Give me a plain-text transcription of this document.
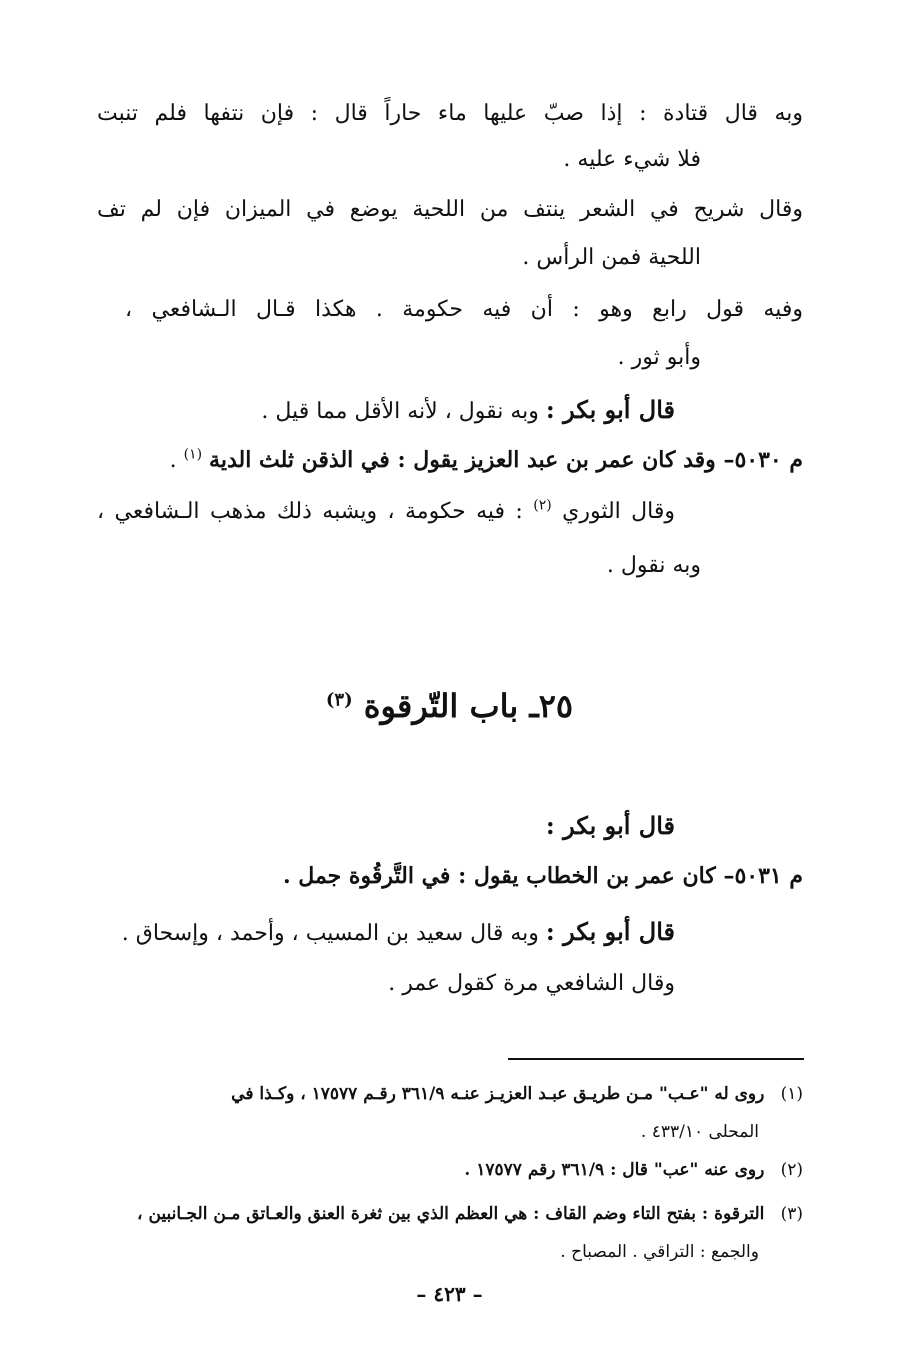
وبه قال قتادة : إذا صبّ عليها ماء حاراً قال : فإن نتفها فلم تنبت
فلا شيء عليه .
وقال شريح في الشعر ينتف من اللحية يوضع في الميزان فإن لم تف
اللحية فمن الرأس .
وفيه قول رابع وهو : أن فيه حكومة . هكذا قـال الـشافعي ،
وأبو ثور .
قال أبو بكر : وبه نقول ، لأنه الأقل مما قيل .
م ٥٠٣٠– وقد كان عمر بن عبد العزيز يقول : في الذقن ثلث الدية $^{(١)}$ .
وقال الثوري $^{(٢)}$ : فيه حكومة ، ويشبه ذلك مذهب الـشافعي ،
وبه نقول .
٢٥ـ باب التّرقوة $^{(٣)}$
قال أبو بكر :
م ٥٠٣١– كان عمر بن الخطاب يقول : في التَّرقُوة جمل .
قال أبو بكر : وبه قال سعيد بن المسيب ، وأحمد ، وإسحاق .
وقال الشافعي مرة كقول عمر .
(١)   روى له "عـب" مـن طريـق عبـد العزيـز عنـه ٣٦١/٩ رقـم ١٧٥٧٧ ، وكـذا في
المحلى ٤٣٣/١٠ .
(٢)   روى عنه "عب" قال : ٣٦١/٩ رقم ١٧٥٧٧ .
(٣)   الترقوة : بفتح التاء وضم القاف : هي العظم الذي بين ثغرة العنق والعـاتق مـن الجـانبين ،
والجمع : التراقي . المصباح .
– ٤٢٣ –
